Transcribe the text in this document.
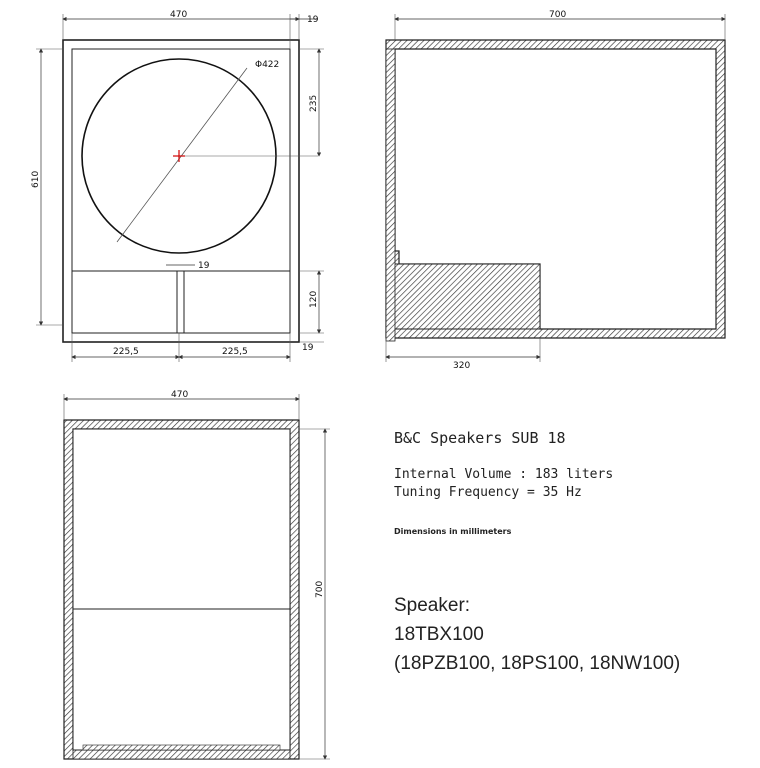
470	19
Φ422
610
235
120
19
19
225,5	225,5
700
320
470
700

B&C Speakers SUB 18

Internal Volume : 183 liters

Tuning Frequency = 35 Hz

Dimensions in millimeters

Speaker:

18TBX100

(18PZB100, 18PS100, 18NW100)
